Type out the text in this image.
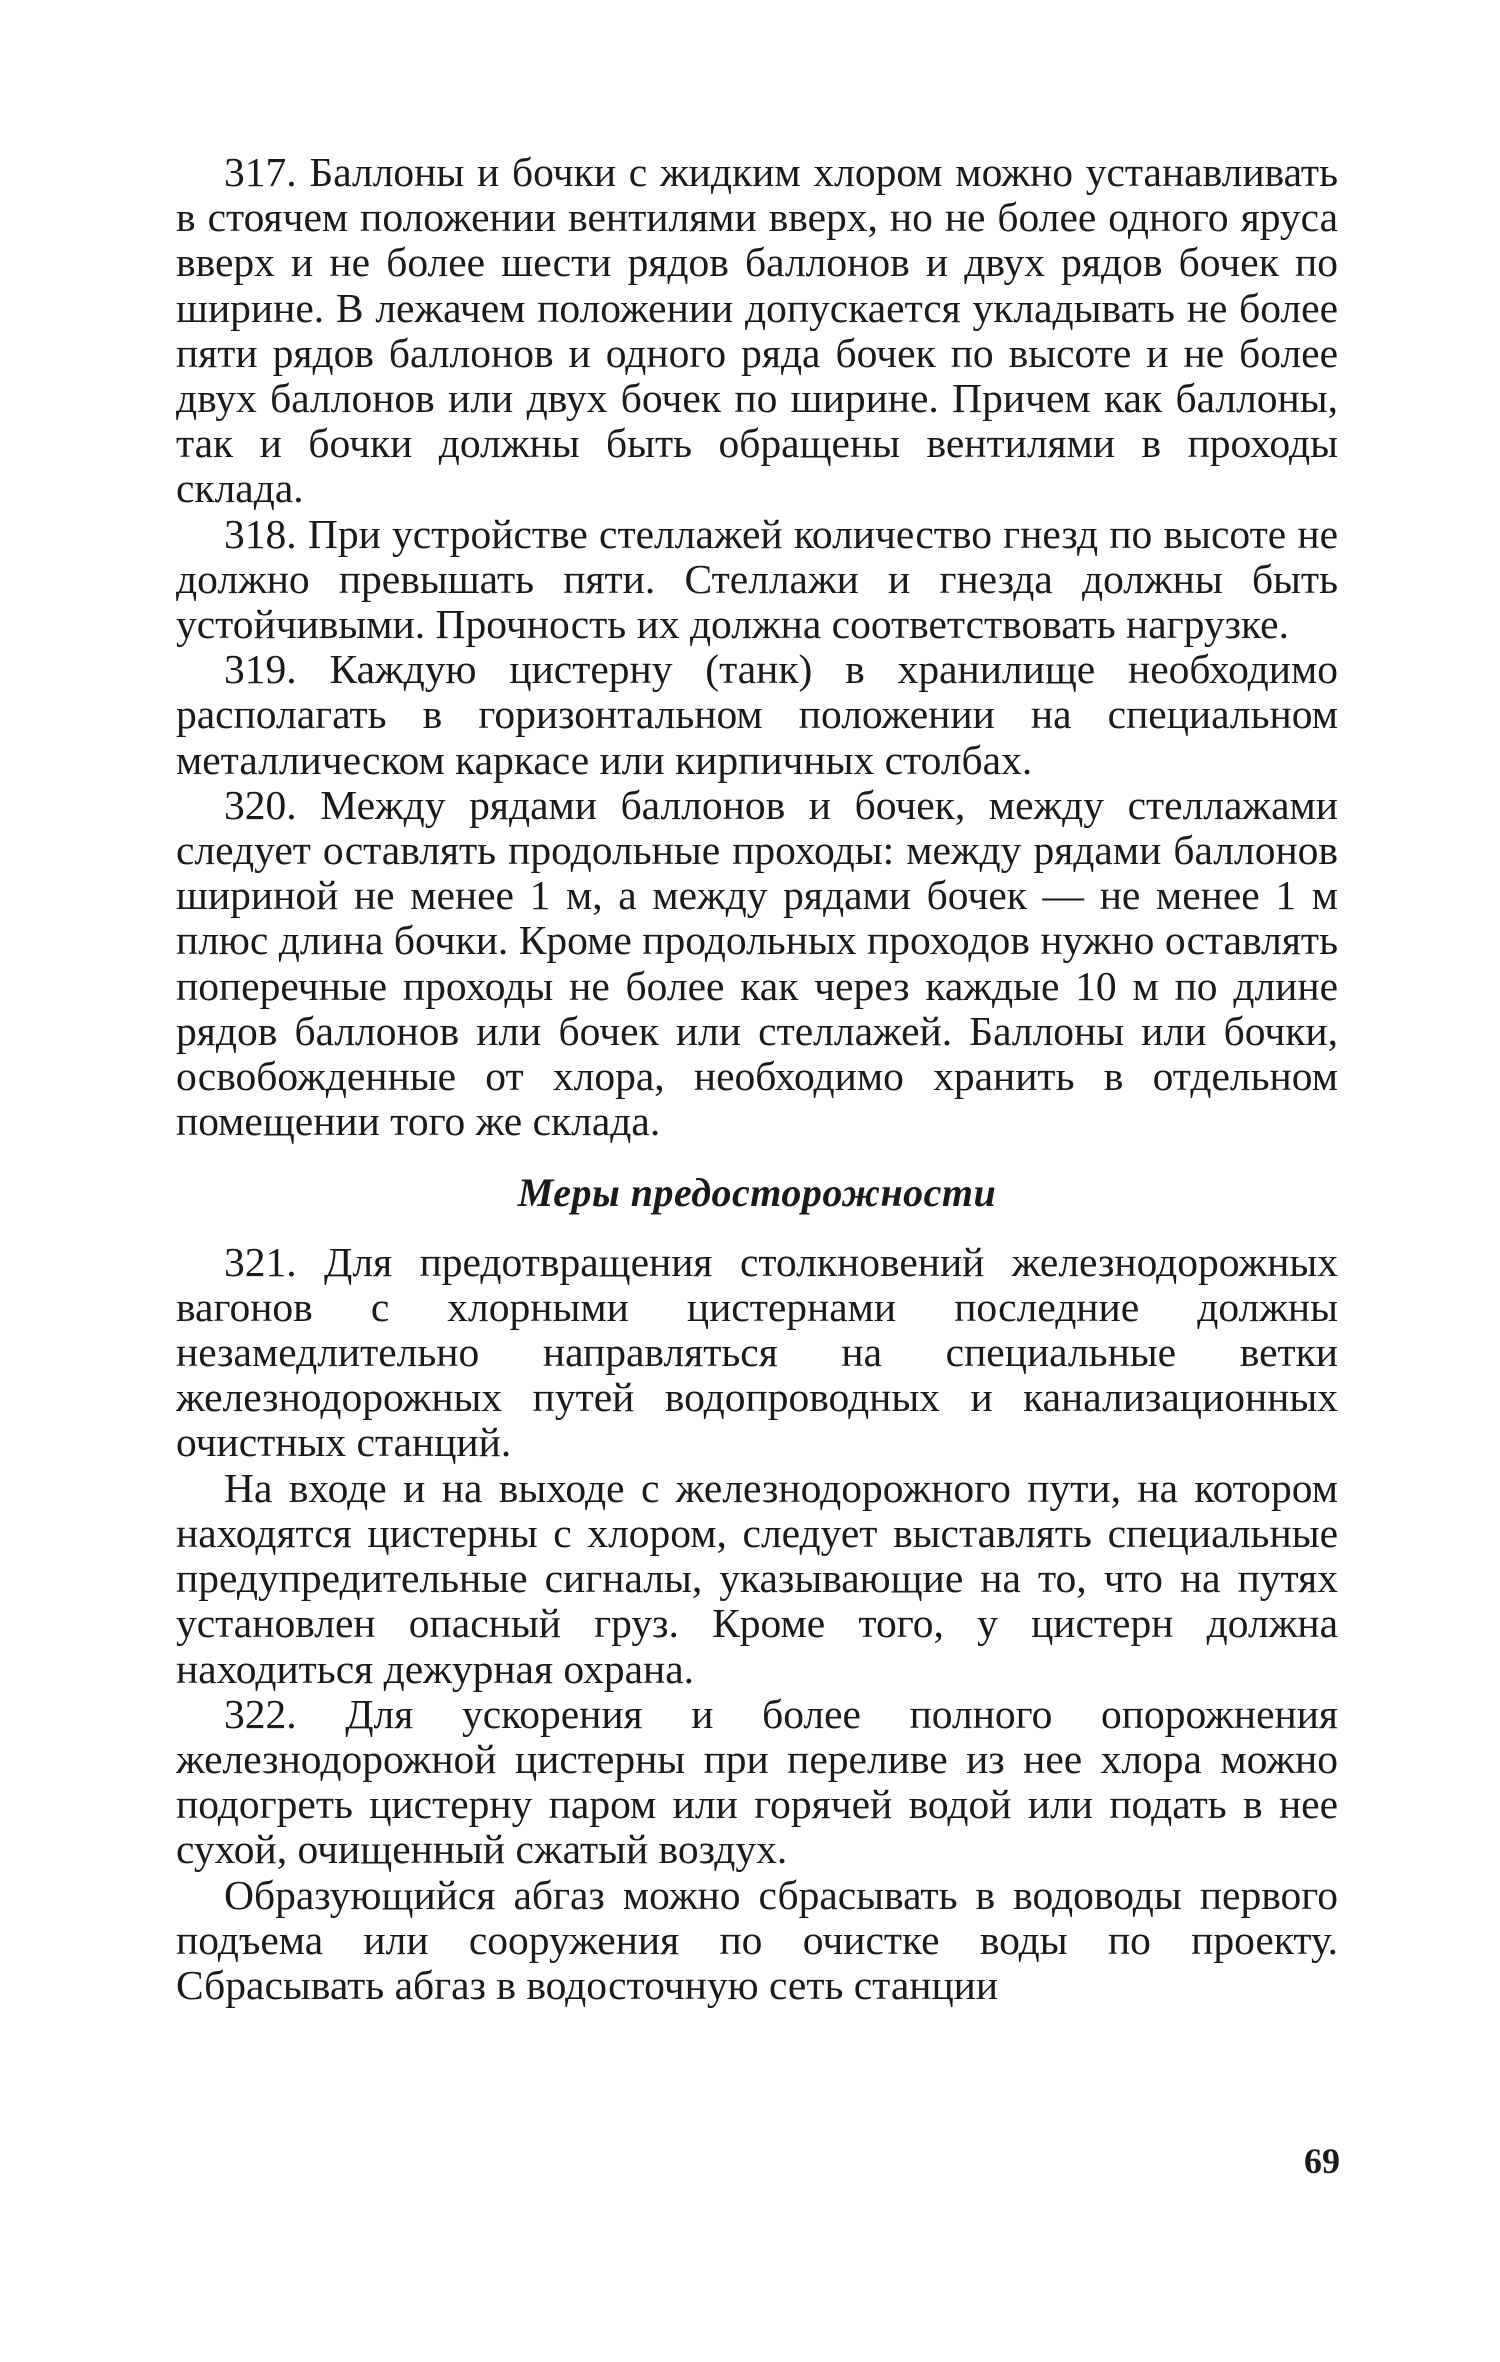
317. Баллоны и бочки с жидким хлором можно устанавливать в стоячем положении вентилями вверх, но не более одного яруса вверх и не более шести рядов баллонов и двух рядов бочек по ширине. В лежачем положении допускается укладывать не более пяти рядов баллонов и одного ряда бочек по высоте и не более двух баллонов или двух бочек по ширине. Причем как баллоны, так и бочки должны быть обращены вентилями в проходы склада.

318. При устройстве стеллажей количество гнезд по высоте не должно превышать пяти. Стеллажи и гнезда должны быть устойчивыми. Прочность их должна соответствовать нагрузке.

319. Каждую цистерну (танк) в хранилище необходимо располагать в горизонтальном положении на специальном металлическом каркасе или кирпичных столбах.

320. Между рядами баллонов и бочек, между стеллажами следует оставлять продольные проходы: между рядами баллонов шириной не менее 1 м, а между рядами бочек — не менее 1 м плюс длина бочки. Кроме продольных проходов нужно оставлять поперечные проходы не более как через каждые 10 м по длине рядов баллонов или бочек или стеллажей. Баллоны или бочки, освобожденные от хлора, необходимо хранить в отдельном помещении того же склада.

Меры предосторожности

321. Для предотвращения столкновений железнодорожных вагонов с хлорными цистернами последние должны незамедлительно направляться на специальные ветки железнодорожных путей водопроводных и канализационных очистных станций.

На входе и на выходе с железнодорожного пути, на котором находятся цистерны с хлором, следует выставлять специальные предупредительные сигналы, указывающие на то, что на путях установлен опасный груз. Кроме того, у цистерн должна находиться дежурная охрана.

322. Для ускорения и более полного опорожнения железнодорожной цистерны при переливе из нее хлора можно подогреть цистерну паром или горячей водой или подать в нее сухой, очищенный сжатый воздух.

Образующийся абгаз можно сбрасывать в водоводы первого подъема или сооружения по очистке воды по проекту. Сбрасывать абгаз в водосточную сеть станции

69
